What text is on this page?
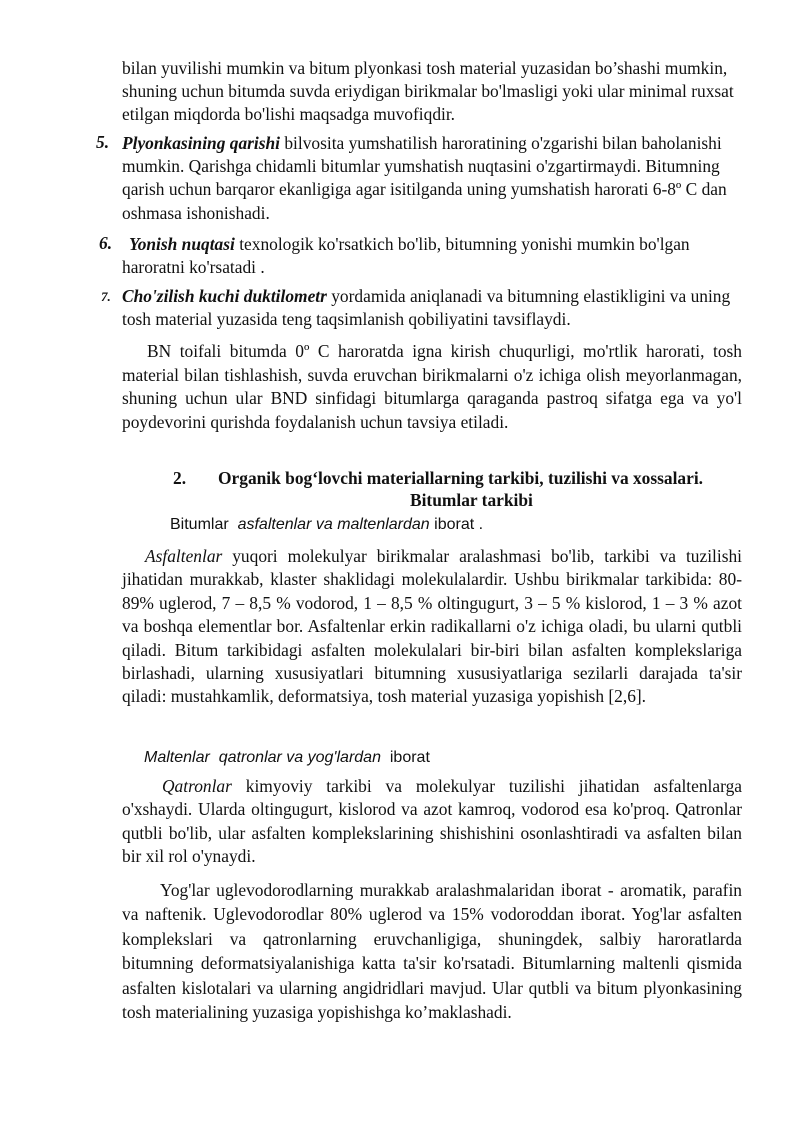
bilan yuvilishi mumkin va bitum plyonkasi tosh material yuzasidan bo’shashi mumkin, shuning uchun bitumda suvda eriydigan birikmalar bo'lmasligi yoki ular minimal ruxsat etilgan miqdorda bo'lishi maqsadga muvofiqdir.
5. Plyonkasining qarishi bilvosita yumshatilish haroratining o'zgarishi bilan baholanishi mumkin. Qarishga chidamli bitumlar yumshatish nuqtasini o'zgartirmaydi. Bitumning qarish uchun barqaror ekanligiga agar isitilganda uning yumshatish harorati 6-8º C dan oshmasa ishonishadi.
6. Yonish nuqtasi texnologik ko'rsatkich bo'lib, bitumning yonishi mumkin bo'lgan haroratni ko'rsatadi .
7. Cho'zilish kuchi duktilometr yordamida aniqlanadi va bitumning elastikligini va uning tosh material yuzasida teng taqsimlanish qobiliyatini tavsiflaydi.
BN toifali bitumda 0º C haroratda igna kirish chuqurligi, mo'rtlik harorati, tosh material bilan tishlashish, suvda eruvchan birikmalarni o'z ichiga olish meyorlanmagan, shuning uchun ular BND sinfidagi bitumlarga qaraganda pastroq sifatga ega va yo'l poydevorini qurishda foydalanish uchun tavsiya etiladi.
2. Organik bog‘lovchi materiallarning tarkibi, tuzilishi va xossalari.
Bitumlar tarkibi
Bitumlar  asfaltenlar va maltenlardan iborat .
Asfaltenlar yuqori molekulyar birikmalar aralashmasi bo'lib, tarkibi va tuzilishi jihatidan murakkab, klaster shaklidagi molekulalardir. Ushbu birikmalar tarkibida: 80-89% uglerod, 7 – 8,5 % vodorod, 1 – 8,5 % oltingugurt, 3 – 5 % kislorod, 1 – 3 % azot va boshqa elementlar bor. Asfaltenlar erkin radikallarni o'z ichiga oladi, bu ularni qutbli qiladi. Bitum tarkibidagi asfalten molekulalari bir-biri bilan asfalten komplekslariga birlashadi, ularning xususiyatlari bitumning xususiyatlariga sezilarli darajada ta'sir qiladi: mustahkamlik, deformatsiya, tosh material yuzasiga yopishish [2,6].
Maltenlar  qatronlar va yog'lardan  iborat
Qatronlar kimyoviy tarkibi va molekulyar tuzilishi jihatidan asfaltenlarga o'xshaydi. Ularda oltingugurt, kislorod va azot kamroq, vodorod esa ko'proq. Qatronlar qutbli bo'lib, ular asfalten komplekslarining shishishini osonlashtiradi va asfalten bilan bir xil rol o'ynaydi.
Yog'lar uglevodorodlarning murakkab aralashmalaridan iborat - aromatik, parafin va naftenik. Uglevodorodlar 80% uglerod va 15% vodoroddan iborat. Yog'lar asfalten komplekslari va qatronlarning eruvchanligiga, shuningdek, salbiy haroratlarda bitumning deformatsiyalanishiga katta ta'sir ko'rsatadi. Bitumlarning maltenli qismida asfalten kislotalari va ularning angidridlari mavjud. Ular qutbli va bitum plyonkasining tosh materialining yuzasiga yopishishga ko’maklashadi.
